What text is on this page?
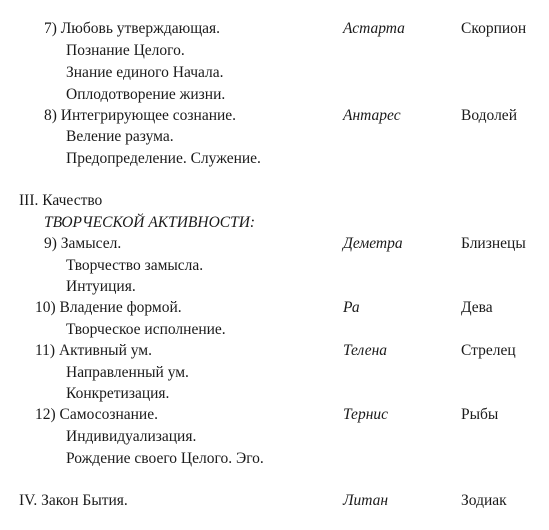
7) Любовь утверждающая.	Астарта	Скорпион
Познание Целого.
Знание единого Начала.
Оплодотворение жизни.
8) Интегрирующее сознание.	Антарес	Водолей
Веление разума.
Предопределение. Служение.
III. Качество
ТВОРЧЕСКОЙ АКТИВНОСТИ:
9) Замысел.	Деметра	Близнецы
Творчество замысла.
Интуиция.
10) Владение формой.	Ра	Дева
Творческое исполнение.
11) Активный ум.	Телена	Стрелец
Направленный ум.
Конкретизация.
12) Самосознание.	Тернис	Рыбы
Индивидуализация.
Рождение своего Целого. Эго.
IV. Закон Бытия.	Литан	Зодиак
